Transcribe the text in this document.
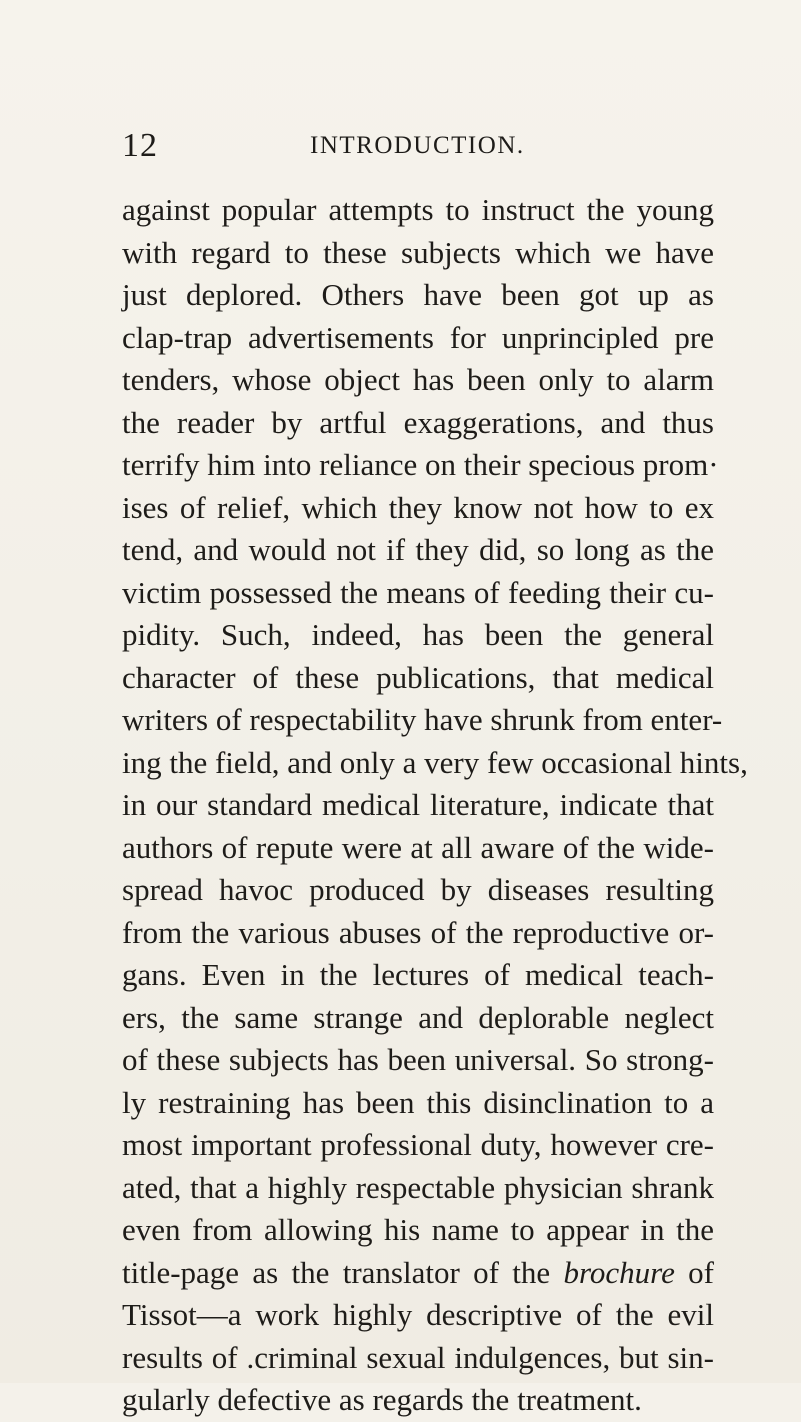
12	INTRODUCTION.
against popular attempts to instruct the young
with regard to these subjects which we have
just deplored. Others have been got up as
clap-trap advertisements for unprincipled pre
tenders, whose object has been only to alarm
the reader by artful exaggerations, and thus
terrify him into reliance on their specious prom·
ises of relief, which they know not how to ex
tend, and would not if they did, so long as the
victim possessed the means of feeding their cu-
pidity. Such, indeed, has been the general
character of these publications, that medical
writers of respectability have shrunk from enter-
ing the field, and only a very few occasional hints,
in our standard medical literature, indicate that
authors of repute were at all aware of the wide-
spread havoc produced by diseases resulting
from the various abuses of the reproductive or-
gans. Even in the lectures of medical teach-
ers, the same strange and deplorable neglect
of these subjects has been universal. So strong-
ly restraining has been this disinclination to a
most important professional duty, however cre-
ated, that a highly respectable physician shrank
even from allowing his name to appear in the
title-page as the translator of the brochure of
Tissot—a work highly descriptive of the evil
results of .criminal sexual indulgences, but sin-
gularly defective as regards the treatment.
